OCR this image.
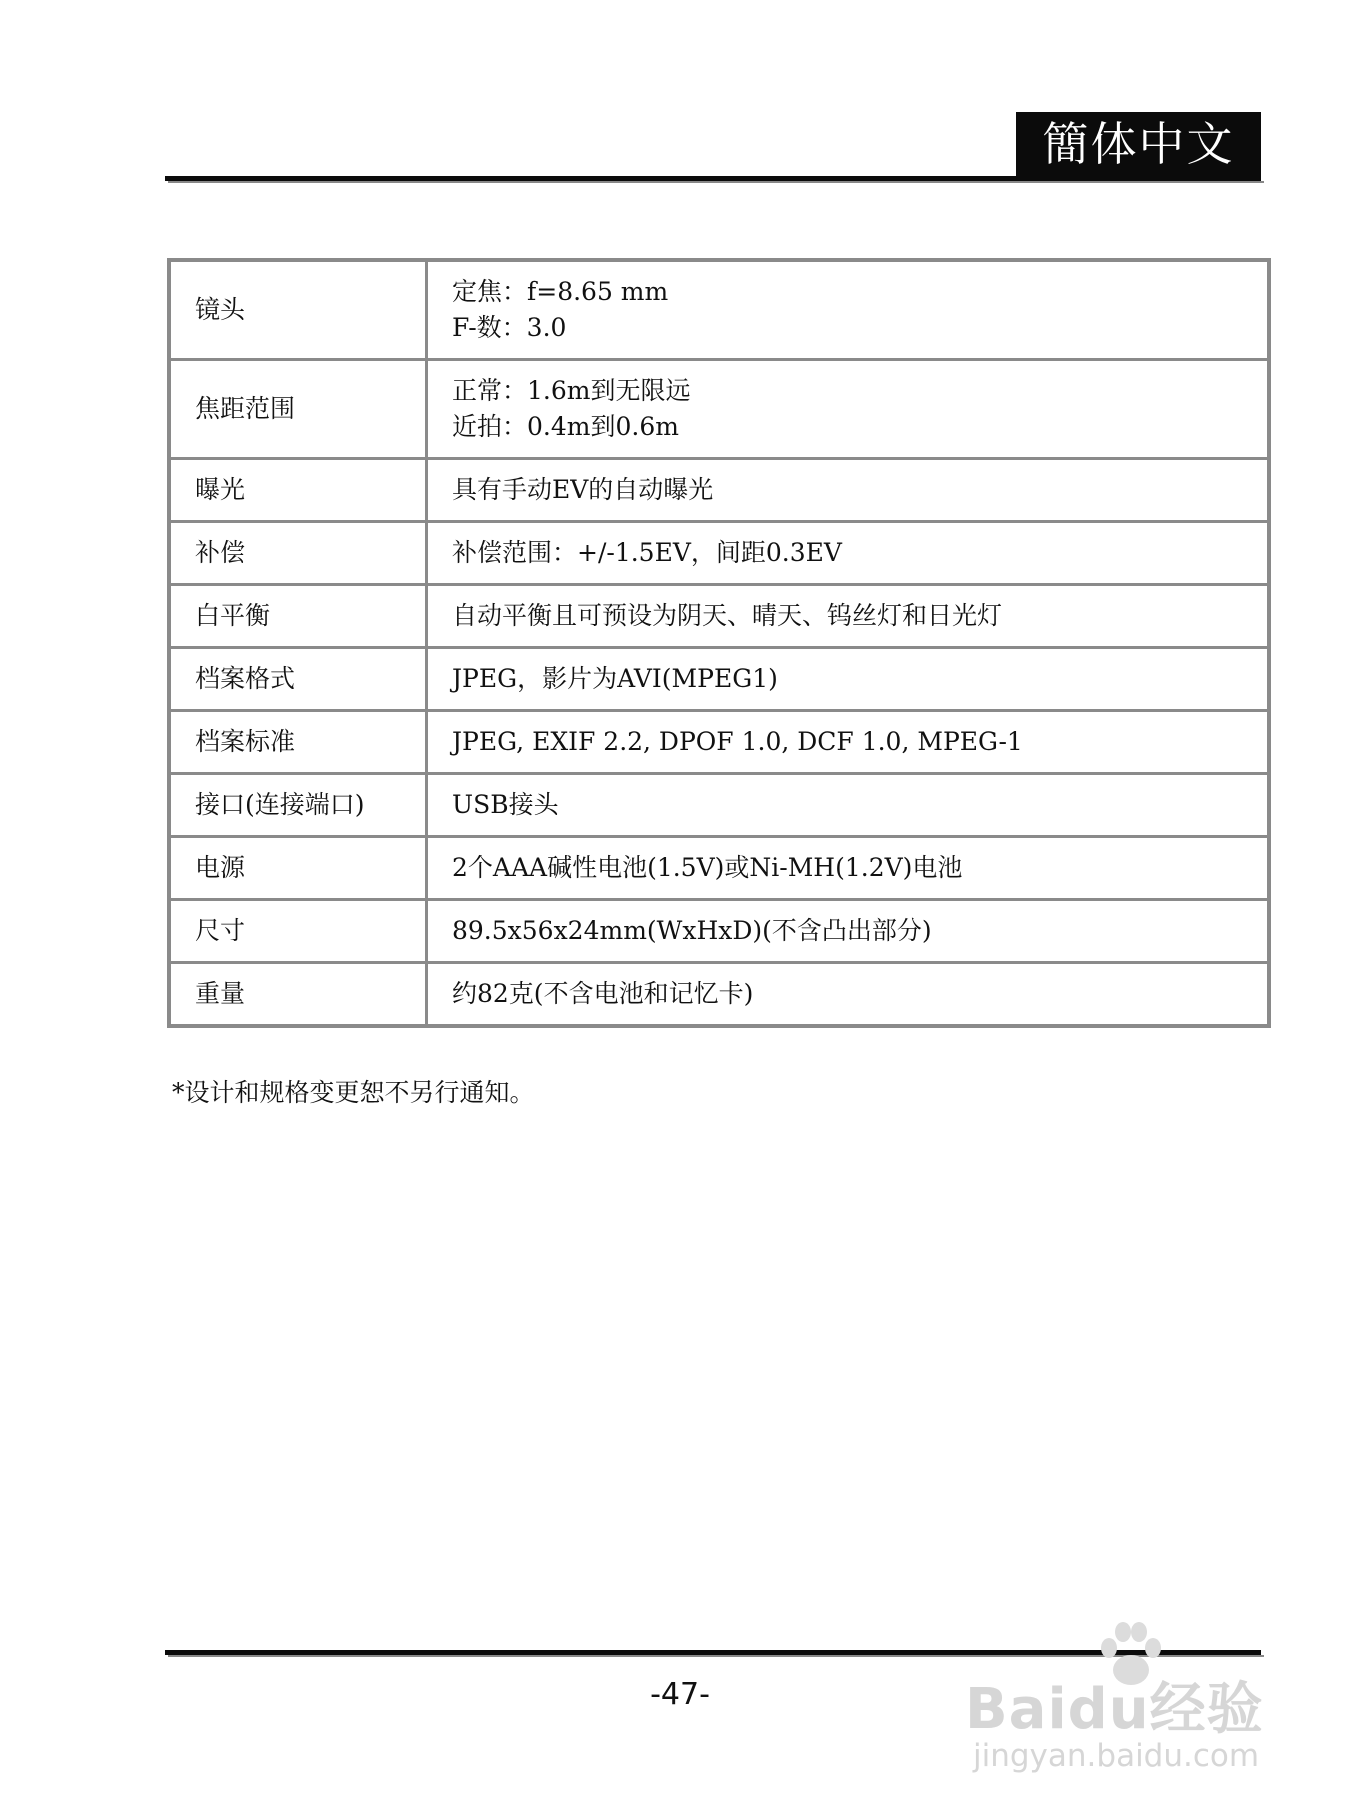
簡体中文
镜头	定焦：f=8.65 mm
F-数：3.0

焦距范围	正常：1.6m到无限远
近拍：0.4m到0.6m

曝光	具有手动EV的自动曝光

补偿	补偿范围：+/-1.5EV，间距0.3EV

白平衡	自动平衡且可预设为阴天、晴天、钨丝灯和日光灯

档案格式	JPEG，影片为AVI(MPEG1)

档案标准	JPEG, EXIF 2.2, DPOF 1.0, DCF 1.0, MPEG-1

接口(连接端口)	USB接头

电源	2个AAA碱性电池(1.5V)或Ni-MH(1.2V)电池

尺寸	89.5x56x24mm(WxHxD)(不含凸出部分)

重量	约82克(不含电池和记忆卡)
*设计和规格变更恕不另行通知。
-47-	Baidu经验
jingyan.baidu.com
